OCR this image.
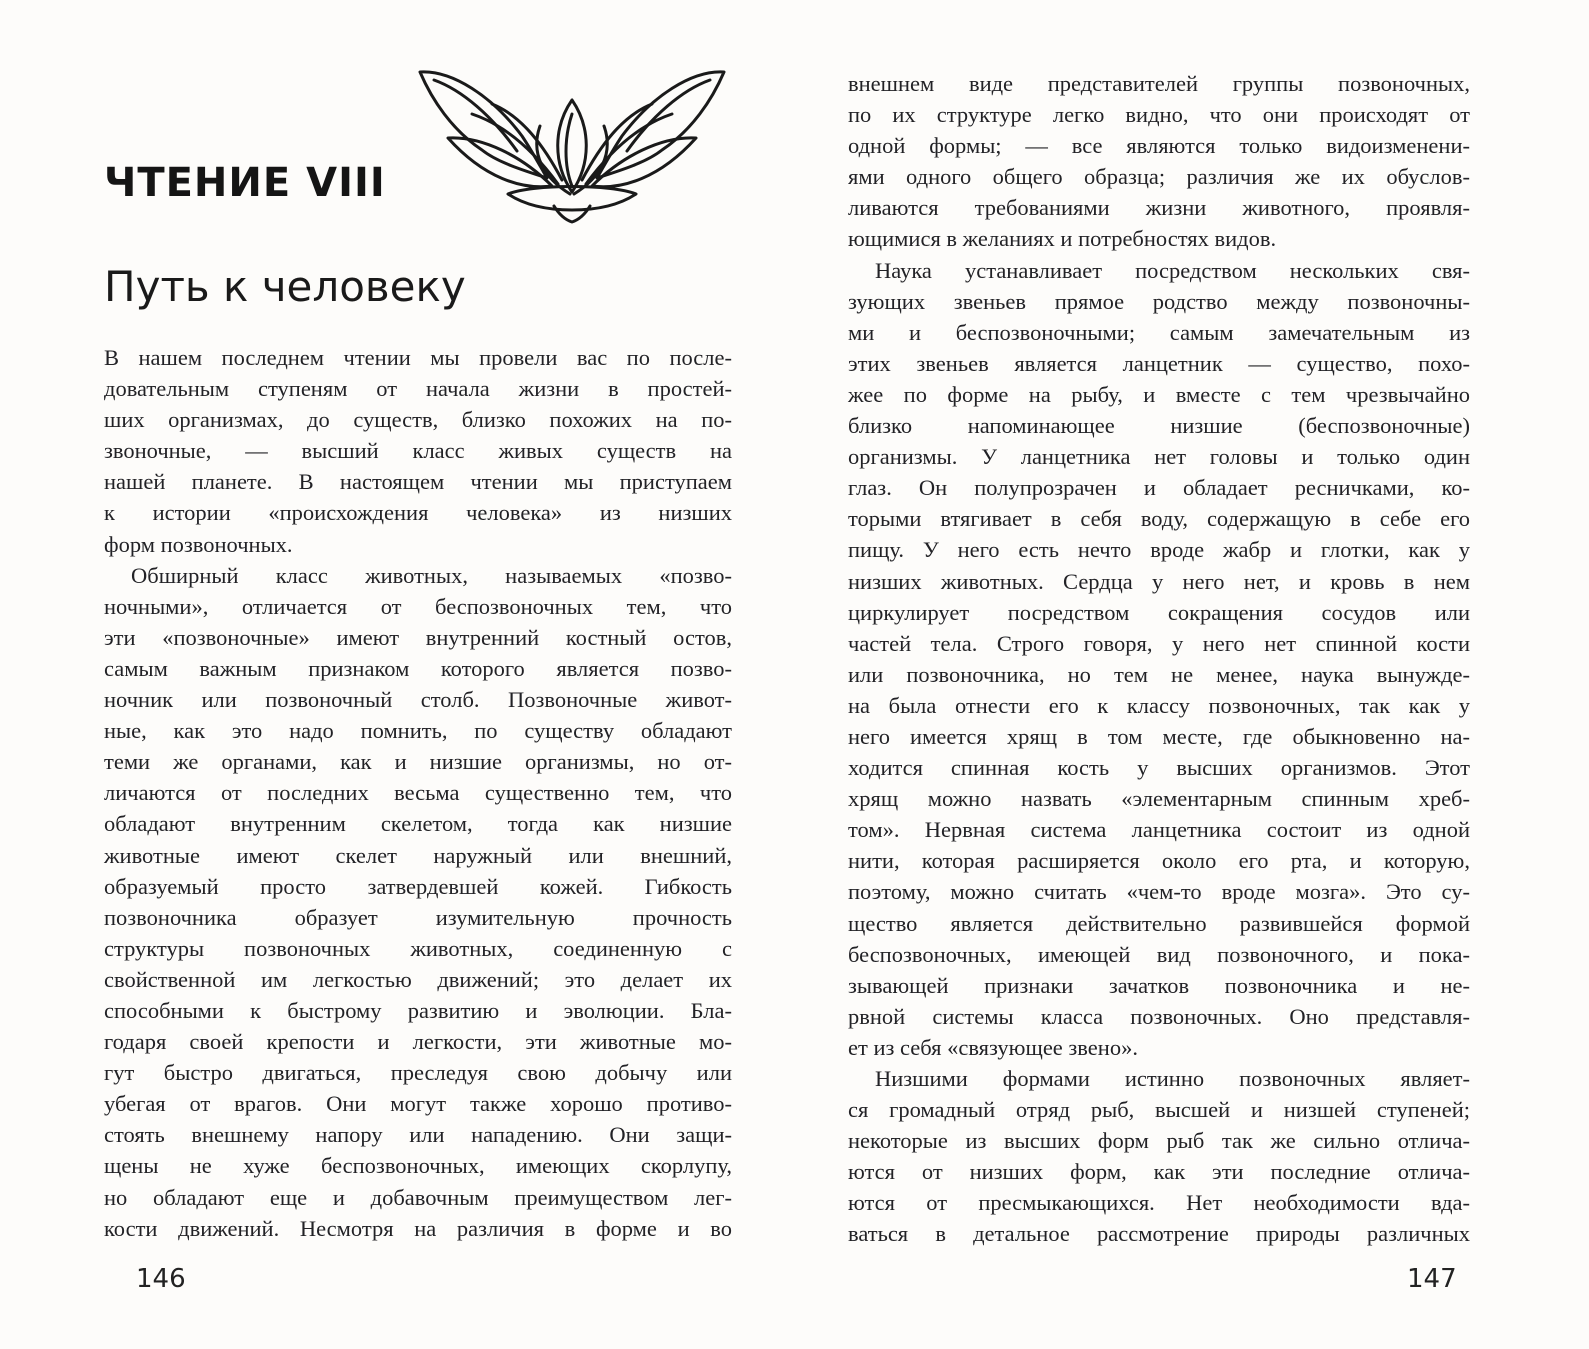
ЧТЕНИЕ VIII
Путь к человеку
В нашем последнем чтении мы провели вас по после-
довательным ступеням от начала жизни в простей-
ших организмах, до существ, близко похожих на по-
звоночные, — высший класс живых существ на
нашей планете. В настоящем чтении мы приступаем
к истории «происхождения человека» из низших
форм позвоночных.
Обширный класс животных, называемых «позво-
ночными», отличается от беспозвоночных тем, что
эти «позвоночные» имеют внутренний костный остов,
самым важным признаком которого является позво-
ночник или позвоночный столб. Позвоночные живот-
ные, как это надо помнить, по существу обладают
теми же органами, как и низшие организмы, но от-
личаются от последних весьма существенно тем, что
обладают внутренним скелетом, тогда как низшие
животные имеют скелет наружный или внешний,
образуемый просто затвердевшей кожей. Гибкость
позвоночника образует изумительную прочность
структуры позвоночных животных, соединенную с
свойственной им легкостью движений; это делает их
способными к быстрому развитию и эволюции. Бла-
годаря своей крепости и легкости, эти животные мо-
гут быстро двигаться, преследуя свою добычу или
убегая от врагов. Они могут также хорошо противо-
стоять внешнему напору или нападению. Они защи-
щены не хуже беспозвоночных, имеющих скорлупу,
но обладают еще и добавочным преимуществом лег-
кости движений. Несмотря на различия в форме и во
146
внешнем виде представителей группы позвоночных,
по их структуре легко видно, что они происходят от
одной формы; — все являются только видоизменени-
ями одного общего образца; различия же их обуслов-
ливаются требованиями жизни животного, проявля-
ющимися в желаниях и потребностях видов.
Наука устанавливает посредством нескольких свя-
зующих звеньев прямое родство между позвоночны-
ми и беспозвоночными; самым замечательным из
этих звеньев является ланцетник — существо, похо-
жее по форме на рыбу, и вместе с тем чрезвычайно
близко напоминающее низшие (беспозвоночные)
организмы. У ланцетника нет головы и только один
глаз. Он полупрозрачен и обладает ресничками, ко-
торыми втягивает в себя воду, содержащую в себе его
пищу. У него есть нечто вроде жабр и глотки, как у
низших животных. Сердца у него нет, и кровь в нем
циркулирует посредством сокращения сосудов или
частей тела. Строго говоря, у него нет спинной кости
или позвоночника, но тем не менее, наука вынужде-
на была отнести его к классу позвоночных, так как у
него имеется хрящ в том месте, где обыкновенно на-
ходится спинная кость у высших организмов. Этот
хрящ можно назвать «элементарным спинным хреб-
том». Нервная система ланцетника состоит из одной
нити, которая расширяется около его рта, и которую,
поэтому, можно считать «чем-то вроде мозга». Это су-
щество является действительно развившейся формой
беспозвоночных, имеющей вид позвоночного, и пока-
зывающей признаки зачатков позвоночника и не-
рвной системы класса позвоночных. Оно представля-
ет из себя «связующее звено».
Низшими формами истинно позвоночных являет-
ся громадный отряд рыб, высшей и низшей ступеней;
некоторые из высших форм рыб так же сильно отлича-
ются от низших форм, как эти последние отлича-
ются от пресмыкающихся. Нет необходимости вда-
ваться в детальное рассмотрение природы различных
147
